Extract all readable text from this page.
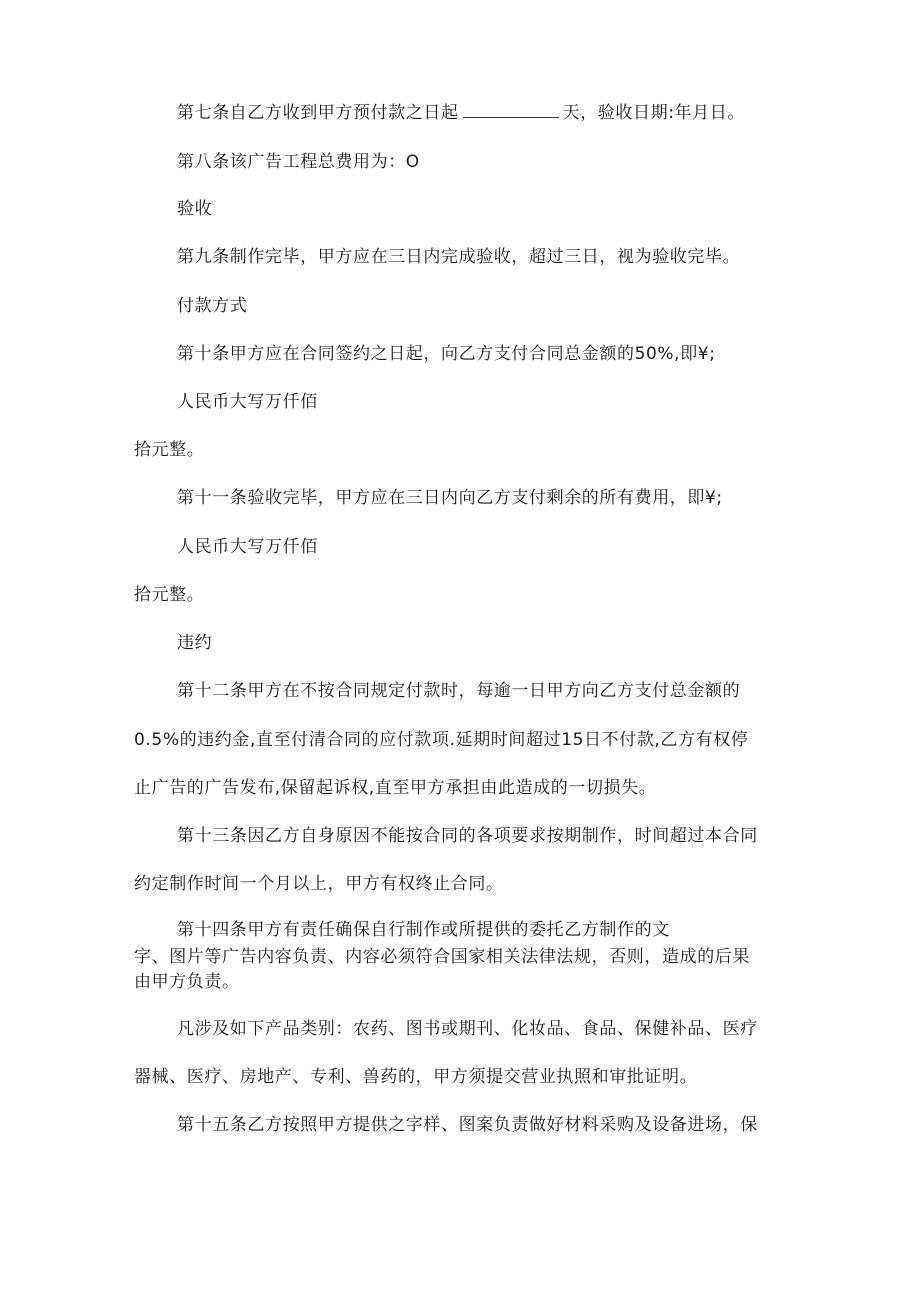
第七条自乙方收到甲方预付款之日起	天，验收日期:年月日。
第八条该广告工程总费用为：O
验收
第九条制作完毕，甲方应在三日内完成验收，超过三日，视为验收完毕。
付款方式
第十条甲方应在合同签约之日起，向乙方支付合同总金额的50%,即¥;
人民币大写万仟佰
拾元整。
第十一条验收完毕，甲方应在三日内向乙方支付剩余的所有费用，即¥;
人民币大写万仟佰
拾元整。
违约
第十二条甲方在不按合同规定付款时，每逾一日甲方向乙方支付总金额的
0.5%的违约金,直至付清合同的应付款项.延期时间超过15日不付款,乙方有权停
止广告的广告发布,保留起诉权,直至甲方承担由此造成的一切损失。
第十三条因乙方自身原因不能按合同的各项要求按期制作，时间超过本合同
约定制作时间一个月以上，甲方有权终止合同。
第十四条甲方有责任确保自行制作或所提供的委托乙方制作的文
字、图片等广告内容负责、内容必须符合国家相关法律法规，否则，造成的后果
由甲方负责。
凡涉及如下产品类别：农药、图书或期刊、化妆品、食品、保健补品、医疗
器械、医疗、房地产、专利、兽药的，甲方须提交营业执照和审批证明。
第十五条乙方按照甲方提供之字样、图案负责做好材料采购及设备进场，保
